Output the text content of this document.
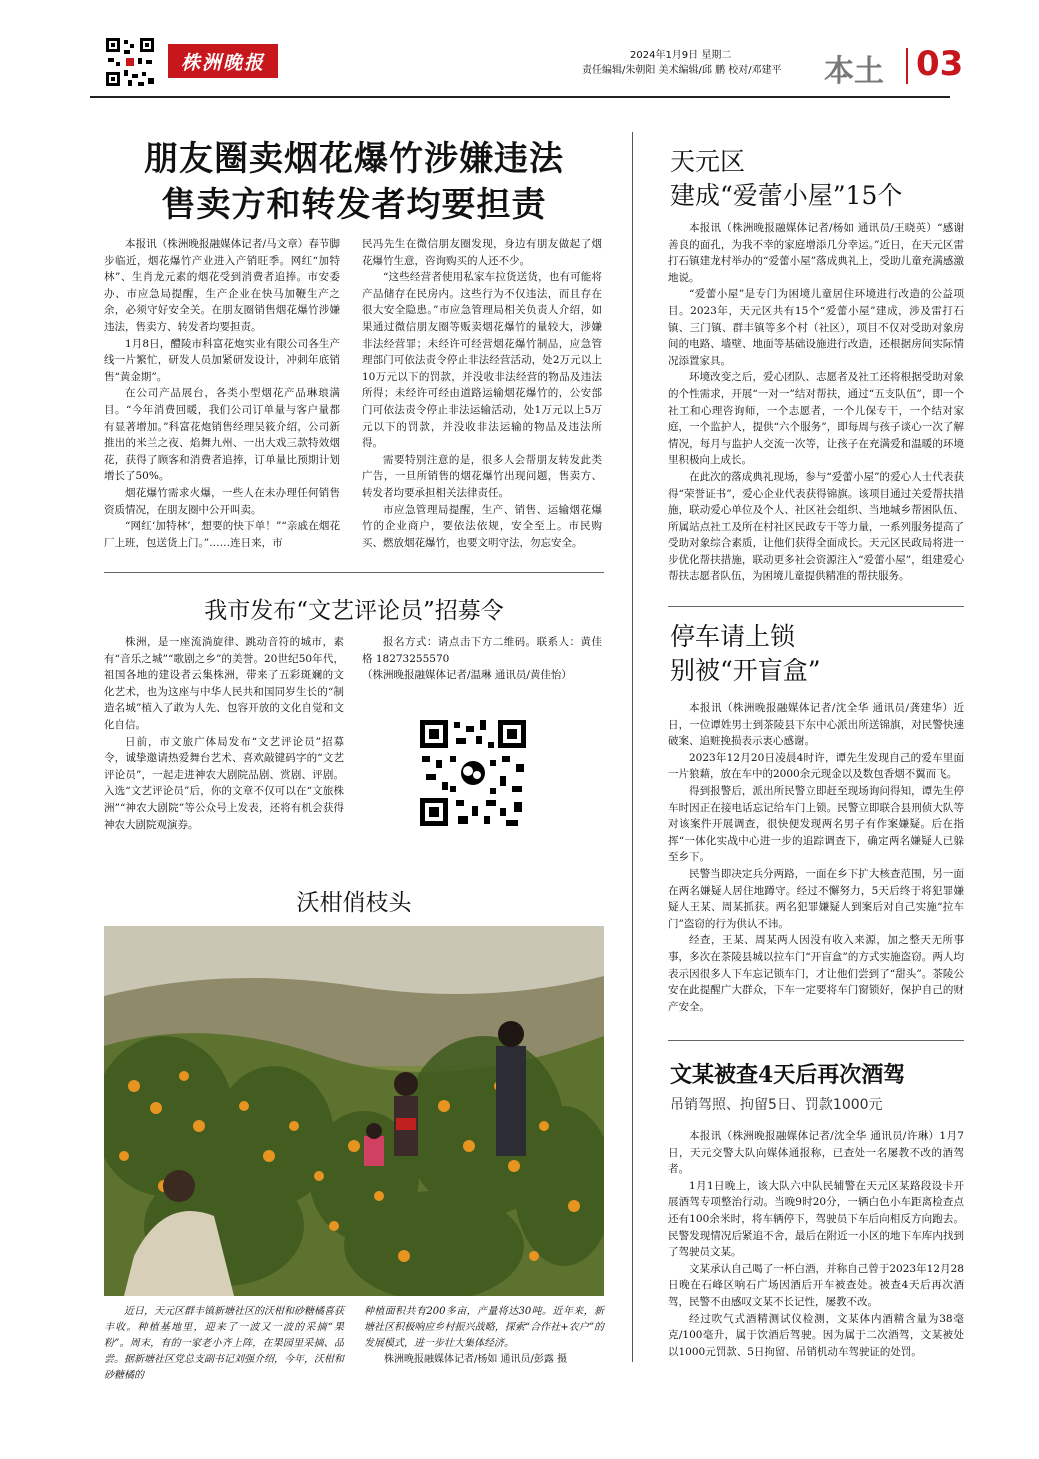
株洲晚报	2024年1月9日 星期二
责任编辑/朱朝阳 美术编辑/邱 鹏 校对/邓建平 本土 03
朋友圈卖烟花爆竹涉嫌违法
售卖方和转发者均要担责

本报讯（株洲晚报融媒体记者/马文章）春节脚步临近，烟花爆竹产业进入产销旺季。网红“加特林”、生肖龙元素的烟花受到消费者追捧。市安委办、市应急局提醒，生产企业在快马加鞭生产之余，必须守好安全关。在朋友圈销售烟花爆竹涉嫌违法，售卖方、转发者均要担责。

1月8日，醴陵市科富花炮实业有限公司各生产线一片繁忙，研发人员加紧研发设计，冲刺年底销售“黄金期”。

在公司产品展台，各类小型烟花产品琳琅满目。“今年消费回暖，我们公司订单量与客户量都有显著增加。”科富花炮销售经理吴筱介绍，公司新推出的米兰之夜、焰舞九州、一出大戏三款特效烟花，获得了顾客和消费者追捧，订单量比预期计划增长了50%。

烟花爆竹需求火爆，一些人在未办理任何销售资质情况，在朋友圈中公开叫卖。

“网红‘加特林’，想要的快下单！”“亲戚在烟花厂上班，包送货上门。”……连日来，市

民冯先生在微信朋友圈发现，身边有朋友做起了烟花爆竹生意，咨询购买的人还不少。

“这些经营者使用私家车拉货送货，也有可能将产品储存在民房内。这些行为不仅违法，而且存在很大安全隐患。”市应急管理局相关负责人介绍，如果通过微信朋友圈等贩卖烟花爆竹的量较大，涉嫌非法经营罪；未经许可经营烟花爆竹制品，应急管理部门可依法责令停止非法经营活动，处2万元以上10万元以下的罚款，并没收非法经营的物品及违法所得；未经许可经由道路运输烟花爆竹的，公安部门可依法责令停止非法运输活动，处1万元以上5万元以下的罚款，并没收非法运输的物品及违法所得。

需要特别注意的是，很多人会帮朋友转发此类广告，一旦所销售的烟花爆竹出现问题，售卖方、转发者均要承担相关法律责任。

市应急管理局提醒，生产、销售、运输烟花爆竹的企业商户，要依法依规，安全至上。市民购买、燃放烟花爆竹，也要文明守法，勿忘安全。

天元区
建成“爱蕾小屋”15个

本报讯（株洲晚报融媒体记者/杨如 通讯员/王晓英）“感谢善良的面孔，为我不幸的家庭增添几分幸运。”近日，在天元区雷打石镇建龙村举办的“爱蕾小屋”落成典礼上，受助儿童充满感激地说。

“爱蕾小屋”是专门为困境儿童居住环境进行改造的公益项目。2023年，天元区共有15个“爱蕾小屋”建成，涉及雷打石镇、三门镇、群丰镇等多个村（社区），项目不仅对受助对象房间的电路、墙壁、地面等基础设施进行改造，还根据房间实际情况添置家具。

环境改变之后，爱心团队、志愿者及社工还将根据受助对象的个性需求，开展“一对一”结对帮扶，通过“五支队伍”，即一个社工和心理咨询师，一个志愿者，一个儿保专干，一个结对家庭，一个监护人，提供“六个服务”，即每周与孩子谈心一次了解情况，每月与监护人交流一次等，让孩子在充满爱和温暖的环境里积极向上成长。

在此次的落成典礼现场，参与“爱蕾小屋”的爱心人士代表获得“荣誉证书”，爱心企业代表获得锦旗。该项目通过关爱帮扶措施，联动爱心单位及个人、社区社会组织、当地城乡帮困队伍、所属站点社工及所在村社区民政专干等力量，一系列服务提高了受助对象综合素质，让他们获得全面成长。天元区民政局将进一步优化帮扶措施，联动更多社会资源注入“爱蕾小屋”，组建爱心帮扶志愿者队伍，为困境儿童提供精准的帮扶服务。

我市发布“文艺评论员”招募令

株洲，是一座流淌旋律、跳动音符的城市，素有“音乐之城”“歌剧之乡”的美誉。20世纪50年代，祖国各地的建设者云集株洲，带来了五彩斑斓的文化艺术，也为这座与中华人民共和国同岁生长的“制造名城”植入了敢为人先、包容开放的文化自觉和文化自信。

日前，市文旅广体局发布“文艺评论员”招募令，诚挚邀请热爱舞台艺术、喜欢敲键码字的“文艺评论员”，一起走进神农大剧院品剧、赏剧、评剧。入选“文艺评论员”后，你的文章不仅可以在“文旅株洲”“神农大剧院”等公众号上发表，还将有机会获得神农大剧院观演券。

报名方式：请点击下方二维码。联系人：黄佳格 18273255570

（株洲晚报融媒体记者/温琳 通讯员/黄佳怡）

沃柑俏枝头
近日，天元区群丰镇新塘社区的沃柑和砂糖橘喜获丰收。种植基地里，迎来了一波又一波的采摘“果粉”。周末，有的一家老小齐上阵，在果园里采摘、品尝。据新塘社区党总支副书记刘强介绍，今年，沃柑和砂糖橘的
种植面积共有200多亩，产量将达30吨。近年来，新塘社区积极响应乡村振兴战略，探索“合作社+农户”的发展模式，进一步壮大集体经济。
株洲晚报融媒体记者/杨如 通讯员/彭露 摄
停车请上锁
别被“开盲盒”

本报讯（株洲晚报融媒体记者/沈全华 通讯员/龚建华）近日，一位谭姓男士到茶陵县下东中心派出所送锦旗，对民警快速破案、追赃挽损表示衷心感谢。

2023年12月20日凌晨4时许，谭先生发现自己的爱车里面一片狼藉，放在车中的2000余元现金以及数包香烟不翼而飞。

得到报警后，派出所民警立即赶至现场询问得知，谭先生停车时因正在接电话忘记给车门上锁。民警立即联合县刑侦大队等对该案件开展调查，很快便发现两名男子有作案嫌疑。后在指挥“一体化实战中心进一步的追踪调查下，确定两名嫌疑人已躲至乡下。

民警当即决定兵分两路，一面在乡下扩大核查范围，另一面在两名嫌疑人居住地蹲守。经过不懈努力，5天后终于将犯罪嫌疑人王某、周某抓获。两名犯罪嫌疑人到案后对自己实施“拉车门”盗窃的行为供认不讳。

经查，王某、周某两人因没有收入来源，加之整天无所事事，多次在茶陵县城以拉车门“开盲盒”的方式实施盗窃。两人均表示因很多人下车忘记锁车门，才让他们尝到了“甜头”。茶陵公安在此提醒广大群众，下车一定要将车门窗锁好，保护自己的财产安全。

文某被查4天后再次酒驾
吊销驾照、拘留5日、罚款1000元

本报讯（株洲晚报融媒体记者/沈全华 通讯员/许琳）1月7日，天元交警大队向媒体通报称，已查处一名屡教不改的酒驾者。

1月1日晚上，该大队六中队民辅警在天元区某路段设卡开展酒驾专项整治行动。当晚9时20分，一辆白色小车距离检查点还有100余米时，将车辆停下，驾驶员下车后向相反方向跑去。民警发现情况后紧追不舍，最后在附近一小区的地下车库内找到了驾驶员文某。

文某承认自己喝了一杯白酒，并称自己曾于2023年12月28日晚在石峰区响石广场因酒后开车被查处。被查4天后再次酒驾，民警不由感叹文某不长记性，屡教不改。

经过吹气式酒精测试仪检测，文某体内酒精含量为38毫克/100毫升，属于饮酒后驾驶。因为属于二次酒驾，文某被处以1000元罚款、5日拘留、吊销机动车驾驶证的处罚。
